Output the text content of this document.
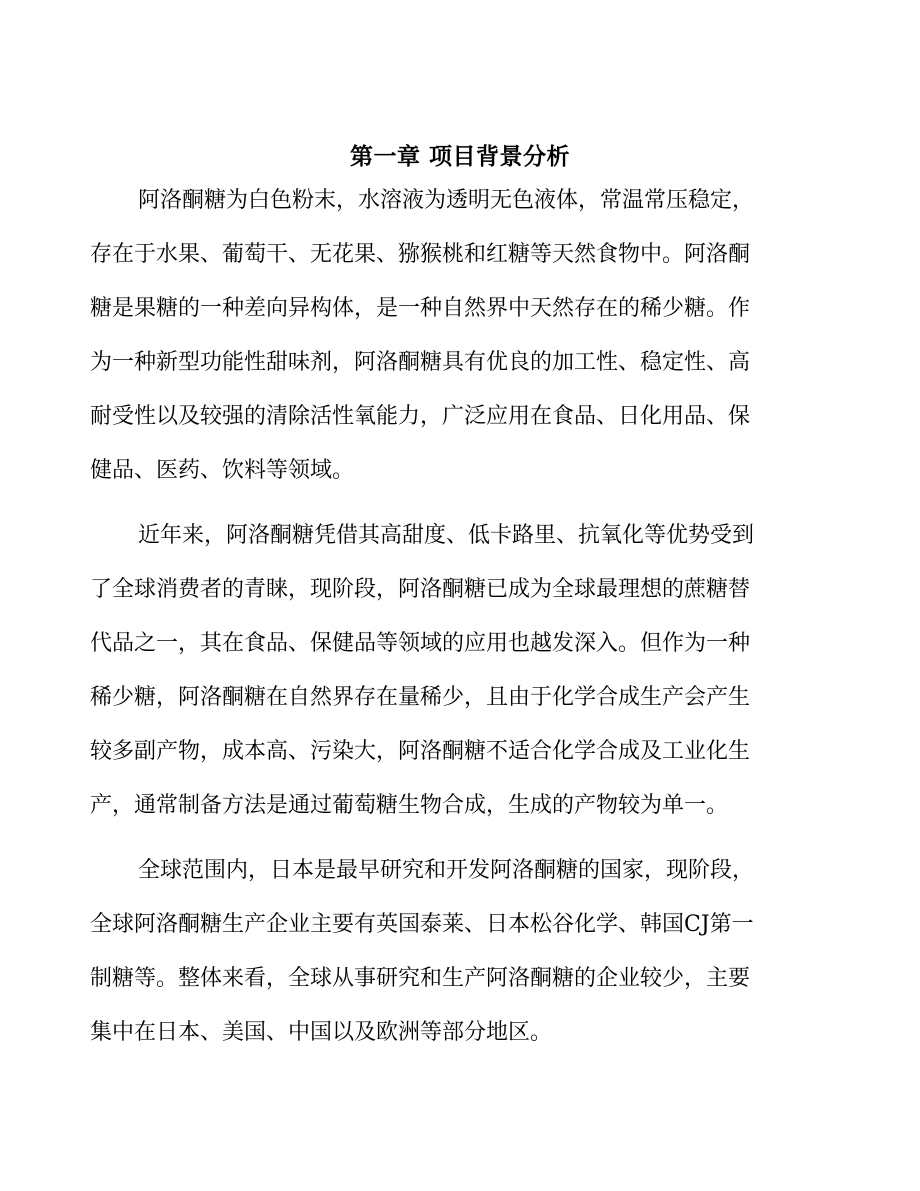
第一章 项目背景分析

阿洛酮糖为白色粉末，水溶液为透明无色液体，常温常压稳定，

存在于水果、葡萄干、无花果、猕猴桃和红糖等天然食物中。阿洛酮

糖是果糖的一种差向异构体，是一种自然界中天然存在的稀少糖。作

为一种新型功能性甜味剂，阿洛酮糖具有优良的加工性、稳定性、高

耐受性以及较强的清除活性氧能力，广泛应用在食品、日化用品、保

健品、医药、饮料等领域。

近年来，阿洛酮糖凭借其高甜度、低卡路里、抗氧化等优势受到

了全球消费者的青睐，现阶段，阿洛酮糖已成为全球最理想的蔗糖替

代品之一，其在食品、保健品等领域的应用也越发深入。但作为一种

稀少糖，阿洛酮糖在自然界存在量稀少，且由于化学合成生产会产生

较多副产物，成本高、污染大，阿洛酮糖不适合化学合成及工业化生

产，通常制备方法是通过葡萄糖生物合成，生成的产物较为单一。

全球范围内，日本是最早研究和开发阿洛酮糖的国家，现阶段，

全球阿洛酮糖生产企业主要有英国泰莱、日本松谷化学、韩国CJ第一

制糖等。整体来看，全球从事研究和生产阿洛酮糖的企业较少，主要

集中在日本、美国、中国以及欧洲等部分地区。
